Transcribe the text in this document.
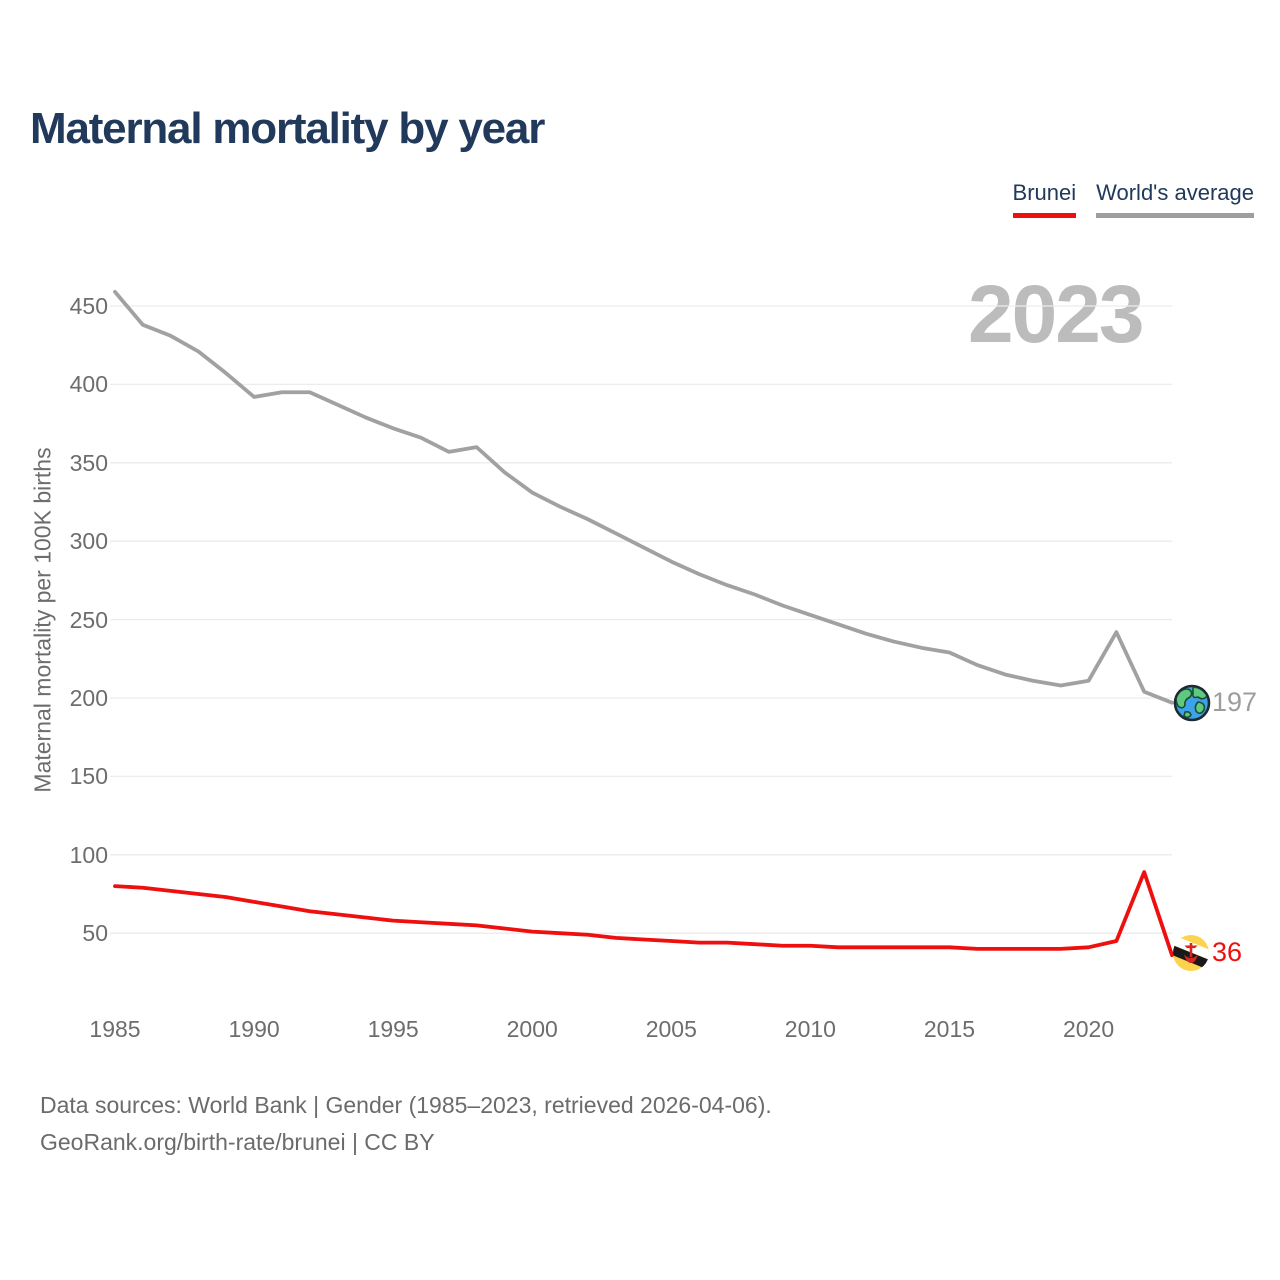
Maternal mortality by year
Brunei World's average
2023
Maternal mortality per 100K births	197
36
Data sources: World Bank | Gender (1985–2023, retrieved 2026-04-06).
GeoRank.org/birth-rate/brunei | CC BY
1985	1990	1995	2000	2005	2010	2015	2020
450
400
350
300
250
200
150
100
50
